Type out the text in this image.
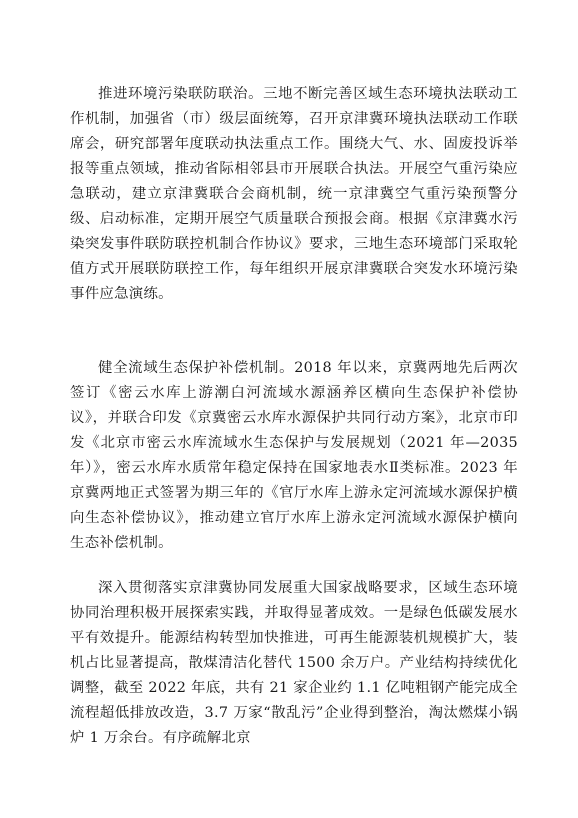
推进环境污染联防联治。三地不断完善区域生态环境执法联动工作机制，加强省（市）级层面统筹，召开京津冀环境执法联动工作联席会，研究部署年度联动执法重点工作。围绕大气、水、固废投诉举报等重点领域，推动省际相邻县市开展联合执法。开展空气重污染应急联动，建立京津冀联合会商机制，统一京津冀空气重污染预警分级、启动标准，定期开展空气质量联合预报会商。根据《京津冀水污染突发事件联防联控机制合作协议》要求，三地生态环境部门采取轮值方式开展联防联控工作，每年组织开展京津冀联合突发水环境污染事件应急演练。

健全流域生态保护补偿机制。2018 年以来，京冀两地先后两次签订《密云水库上游潮白河流域水源涵养区横向生态保护补偿协议》，并联合印发《京冀密云水库水源保护共同行动方案》，北京市印发《北京市密云水库流域水生态保护与发展规划（2021 年—2035 年）》，密云水库水质常年稳定保持在国家地表水Ⅱ类标准。2023 年京冀两地正式签署为期三年的《官厅水库上游永定河流域水源保护横向生态补偿协议》，推动建立官厅水库上游永定河流域水源保护横向生态补偿机制。

深入贯彻落实京津冀协同发展重大国家战略要求，区域生态环境协同治理积极开展探索实践，并取得显著成效。一是绿色低碳发展水平有效提升。能源结构转型加快推进，可再生能源装机规模扩大，装机占比显著提高，散煤清洁化替代 1500 余万户。产业结构持续优化调整，截至 2022 年底，共有 21 家企业约 1.1 亿吨粗钢产能完成全流程超低排放改造，3.7 万家“散乱污”企业得到整治，淘汰燃煤小锅炉 1 万余台。有序疏解北京
